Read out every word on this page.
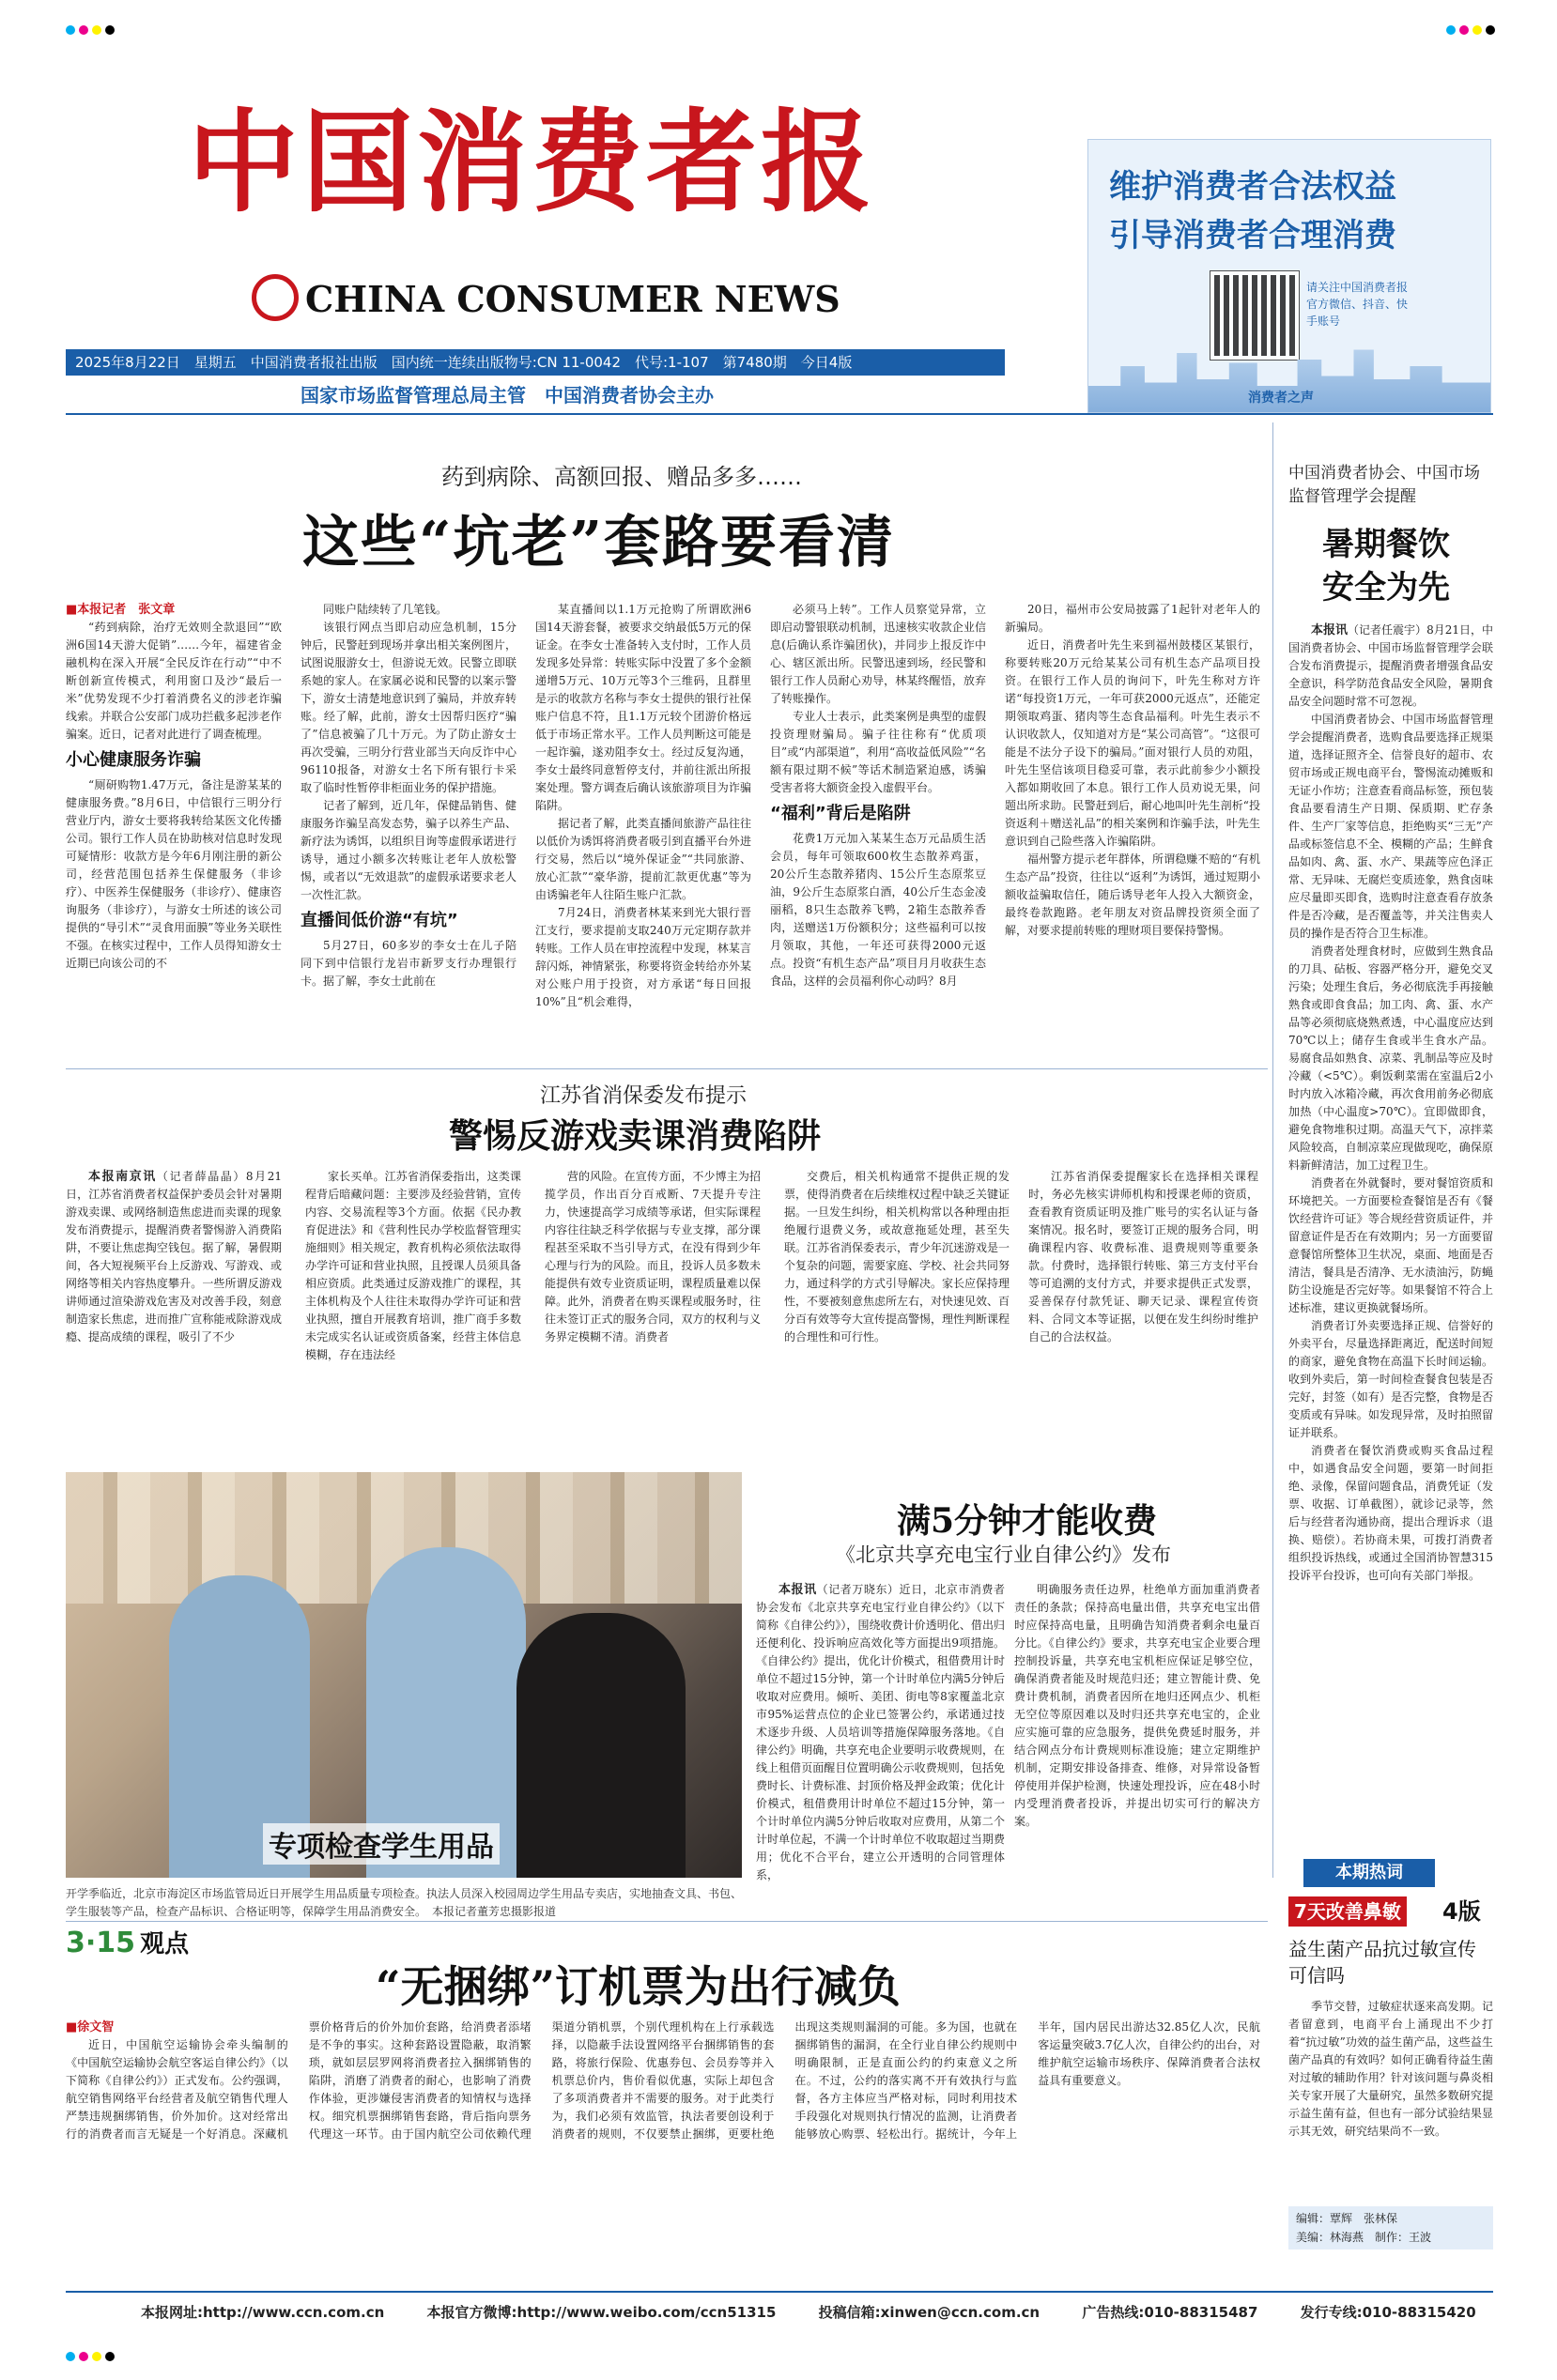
中国消费者报
CHINA CONSUMER NEWS
2025年8月22日　星期五　中国消费者报社出版　国内统一连续出版物号:CN 11-0042　代号:1-107　第7480期　今日4版
国家市场监督管理总局主管　中国消费者协会主办
维护消费者合法权益
引导消费者合理消费
请关注中国消费者报官方微信、抖音、快手账号
消费者之声
药到病除、高额回报、赠品多多……
这些“坑老”套路要看清
■本报记者　张文章

“药到病除，治疗无效则全款退回”“欧洲6国14天游大促销”……今年，福建省金融机构在深入开展“全民反诈在行动”“中不断创新宣传模式，利用窗口及沙“最后一米”优势发现不少打着消费名义的涉老诈骗线索。并联合公安部门成功拦截多起涉老作骗案。近日，记者对此进行了调查梳理。

小心健康服务诈骗

“厕研购物1.47万元，备注是游某某的健康服务费。”8月6日，中信银行三明分行营业厅内，游女士要将我转给某医文化传播公司。银行工作人员在协助核对信息时发现可疑情形：收款方是今年6月刚注册的新公司，经营范围包括养生保健服务（非诊疗）、中医养生保健服务（非诊疗）、健康咨询服务（非诊疗），与游女士所述的该公司提供的“导引术”“灵食用面膜”等业务关联性不强。在核实过程中，工作人员得知游女士近期已向该公司的不

同账户陆续转了几笔钱。

该银行网点当即启动应急机制，15分钟后，民警赶到现场并拿出相关案例图片，试图说服游女士，但游说无效。民警立即联系她的家人。在家属必说和民警的以案示警下，游女士清楚地意识到了骗局，并放弃转账。经了解，此前，游女士因帮归医疗“骗了”信息被骗了几十万元。为了防止游女士再次受骗，三明分行营业部当天向反诈中心96110报备，对游女士名下所有银行卡采取了临时性暂停非柜面业务的保护措施。

记者了解到，近几年，保健品销售、健康服务诈骗呈高发态势，骗子以养生产品、新疗法为诱饵，以组织目询等虚假承诺进行诱导，通过小额多次转账让老年人放松警惕，或者以“无效退款”的虚假承诺要求老人一次性汇款。

直播间低价游“有坑”

5月27日，60多岁的李女士在儿子陪同下到中信银行龙岩市新罗支行办理银行卡。据了解，李女士此前在

某直播间以1.1万元抢购了所谓欧洲6国14天游套餐，被要求交纳最低5万元的保证金。在李女士准备转入支付时，工作人员发现多处异常：转账实际中没置了多个金额递增5万元、10万元等3个三维码，且群里是示的收款方名称与李女士提供的银行社保账户信息不符，且1.1万元较个团游价格远低于市场正常水平。工作人员判断这可能是一起诈骗，遂劝阻李女士。经过反复沟通，李女士最终同意暂停支付，并前往派出所报案处理。警方调查后确认该旅游项目为诈骗陷阱。

据记者了解，此类直播间旅游产品往往以低价为诱饵将消费者吸引到直播平台外进行交易，然后以“境外保证金”“共同旅游、放心汇款”“豪华游，提前汇款更优惠”等为由诱骗老年人往陌生账户汇款。

7月24日，消费者林某来到光大银行晋江支行，要求提前支取240万元定期存款并转账。工作人员在审控流程中发现，林某言辞闪烁，神情紧张，称要将资金转给亦外某对公账户用于投资，对方承诺“每日回报10%”且“机会难得，

必须马上转”。工作人员察觉异常，立即启动警银联动机制，迅速核实收款企业信息(后确认系诈骗团伙)，并同步上报反诈中心、辖区派出所。民警迅速到场，经民警和银行工作人员耐心劝导，林某终醒悟，放弃了转账操作。

专业人士表示，此类案例是典型的虚假投资理财骗局。骗子往往称有“优质项目”或“内部渠道”，利用“高收益低风险”“名额有限过期不候”等话术制造紧迫感，诱骗受害者将大额资金投入虚假平台。

“福利”背后是陷阱

花费1万元加入某某生态万元品质生活会员，每年可领取600枚生态散养鸡蛋，20公斤生态散养猪肉、15公斤生态原浆豆油，9公斤生态原浆白酒，40公斤生态金凌丽稻，8只生态散养飞鸭，2箱生态散养香肉，送赠送1万份额积分；这些福利可以按月领取，其他，一年还可获得2000元返点。投资“有机生态产品”项目月月收获生态食品，这样的会员福利你心动吗？8月

20日，福州市公安局披露了1起针对老年人的新骗局。

近日，消费者叶先生来到福州鼓楼区某银行，称要转账20万元给某某公司有机生态产品项目投资。在银行工作人员的询问下，叶先生称对方许诺“每投资1万元，一年可获2000元返点”，还能定期领取鸡蛋、猪肉等生态食品福利。叶先生表示不认识收款人，仅知道对方是“某公司高管”。“这很可能是不法分子设下的骗局。”面对银行人员的劝阻，叶先生坚信该项目稳妥可靠，表示此前参少小额投入都如期收回了本息。银行工作人员劝说无果，问题出所求助。民警赶到后，耐心地叫叶先生剖析“投资返利＋赠送礼品”的相关案例和诈骗手法，叶先生意识到自己险些落入诈骗陷阱。

福州警方提示老年群体，所谓稳赚不赔的“有机生态产品”投资，往往以“返利”为诱饵，通过短期小额收益骗取信任，随后诱导老年人投入大额资金，最终卷款跑路。老年朋友对资品牌投资须全面了解，对要求提前转账的理财项目要保持警惕。

中国消费者协会、中国市场监督管理学会提醒
暑期餐饮
安全为先

本报讯（记者任震宇）8月21日，中国消费者协会、中国市场监督管理学会联合发布消费提示，提醒消费者增强食品安全意识，科学防范食品安全风险，暑期食品安全问题时常不可忽视。

中国消费者协会、中国市场监督管理学会提醒消费者，选购食品要选择正规渠道，选择证照齐全、信誉良好的超市、农贸市场或正规电商平台，警惕流动摊贩和无证小作坊；注意查看商品标签，预包装食品要看清生产日期、保质期、贮存条件、生产厂家等信息，拒绝购买“三无”产品或标签信息不全、模糊的产品；生鲜食品如肉、禽、蛋、水产、果蔬等应色泽正常、无异味、无腐烂变质迹象，熟食卤味应尽量即买即食，选购时注意查看存放条件是否冷藏，是否覆盖等，并关注售卖人员的操作是否符合卫生标准。

消费者处理食材时，应做到生熟食品的刀具、砧板、容器严格分开，避免交叉污染；处理生食后，务必彻底洗手再接触熟食或即食食品；加工肉、禽、蛋、水产品等必须彻底烧熟煮透，中心温度应达到70℃以上；储存生食或半生食水产品。易腐食品如熟食、凉菜、乳制品等应及时冷藏（<5℃）。剩饭剩菜需在室温后2小时内放入冰箱冷藏，再次食用前务必彻底加热（中心温度>70℃）。宜即做即食，避免食物堆积过期。高温天气下，凉拌菜风险较高，自制凉菜应现做现吃，确保原料新鲜清洁，加工过程卫生。

消费者在外就餐时，要对餐馆资质和环境把关。一方面要检查餐馆是否有《餐饮经营许可证》等合规经营资质证件，并留意证件是否在有效期内；另一方面要留意餐馆所整体卫生状况，桌面、地面是否清洁，餐具是否清净、无水渍油污，防蝇防尘设施是否完好等。如果餐馆不符合上述标准，建议更换就餐场所。

消费者订外卖要选择正规、信誉好的外卖平台，尽量选择距离近，配送时间短的商家，避免食物在高温下长时间运输。收到外卖后，第一时间检查餐食包装是否完好，封签（如有）是否完整，食物是否变质或有异味。如发现异常，及时拍照留证并联系。

消费者在餐饮消费或购买食品过程中，如遇食品安全问题，要第一时间拒绝、录像，保留问题食品，消费凭证（发票、收据、订单截图），就诊记录等，然后与经营者沟通协商，提出合理诉求（退换、赔偿）。若协商未果，可拨打消费者组织投诉热线，或通过全国消协智慧315投诉平台投诉，也可向有关部门举报。

本期热词
7天改善鼻敏 4版
益生菌产品抗过敏宣传可信吗

季节交替，过敏症状逐来高发期。记者留意到，电商平台上涌现出不少打着“抗过敏”功效的益生菌产品，这些益生菌产品真的有效吗？如何正确看待益生菌对过敏的辅助作用？针对该问题与鼻炎相关专家开展了大量研究，虽然多数研究提示益生菌有益，但也有一部分试验结果显示其无效，研究结果尚不一致。

编辑：覃辉　张林保
美编：林海燕　制作：王波
江苏省消保委发布提示
警惕反游戏卖课消费陷阱

本报南京讯（记者薛晶晶）8月21日，江苏省消费者权益保护委员会针对暑期游戏卖课、或网络制造焦虑进而卖课的现象发布消费提示，提醒消费者警惕游入消费陷阱，不要让焦虑掏空钱包。据了解，暑假期间，各大短视频平台上反游戏、写游戏、或网络等相关内容热度攀升。一些所谓反游戏讲师通过渲染游戏危害及对改善手段，刻意制造家长焦虑，进而推广宣称能戒除游戏成瘾、提高成绩的课程，吸引了不少

家长买单。江苏省消保委指出，这类课程背后暗藏问题：主要涉及经验营销，宣传内容、交易流程等3个方面。依据《民办教育促进法》和《营利性民办学校监督管理实施细则》相关规定，教育机构必须依法取得办学许可证和营业执照，且授课人员须具备相应资质。此类通过反游戏推广的课程，其主体机构及个人往往未取得办学许可证和营业执照，擅自开展教育培训，推广商手多数未完成实名认证或资质备案，经营主体信息模糊，存在违法经

营的风险。在宣传方面，不少博主为招揽学员，作出百分百戒断、7天提升专注力，快速提高学习成绩等承诺，但实际课程内容往往缺乏科学依据与专业支撑，部分课程甚至采取不当引导方式，在没有得到少年心理与行为的风险。而且，投诉人员多数未能提供有效专业资质证明，课程质量难以保障。此外，消费者在购买课程或服务时，往往未签订正式的服务合同，双方的权利与义务界定模糊不清。消费者

交费后，相关机构通常不提供正规的发票，使得消费者在后续维权过程中缺乏关键证据。一旦发生纠纷，相关机构常以各种理由拒绝履行退费义务，或故意拖延处理，甚至失联。江苏省消保委表示，青少年沉迷游戏是一个复杂的问题，需要家庭、学校、社会共同努力，通过科学的方式引导解决。家长应保持理性，不要被刻意焦虑所左右，对快速见效、百分百有效等夸大宣传提高警惕，理性判断课程的合理性和可行性。

江苏省消保委提醒家长在选择相关课程时，务必先核实讲师机构和授课老师的资质，查看教育资质证明及推广账号的实名认证与备案情况。报名时，要签订正规的服务合同，明确课程内容、收费标准、退费规则等重要条款。付费时，选择银行转账、第三方支付平台等可追溯的支付方式，并要求提供正式发票，妥善保存付款凭证、聊天记录、课程宣传资料、合同文本等证据，以便在发生纠纷时维护自己的合法权益。

专项检查学生用品
开学季临近，北京市海淀区市场监管局近日开展学生用品质量专项检查。执法人员深入校园周边学生用品专卖店，实地抽查文具、书包、学生服装等产品，检查产品标识、合格证明等，保障学生用品消费安全。　本报记者董芳忠摄影报道
满5分钟才能收费
《北京共享充电宝行业自律公约》发布

本报讯（记者万晓东）近日，北京市消费者协会发布《北京共享充电宝行业自律公约》（以下简称《自律公约》），围绕收费计价透明化、借出归还便利化、投诉响应高效化等方面提出9项措施。《自律公约》提出，优化计价模式，租借费用计时单位不超过15分钟，第一个计时单位内满5分钟后收取对应费用。倾听、美团、街电等8家覆盖北京市95%运营点位的企业已签署公约，承诺通过技术逐步升级、人员培训等措施保障服务落地。《自律公约》明确，共享充电企业要明示收费规则，在线上租借页面醒目位置明确公示收费规则，包括免费时长、计费标准、封顶价格及押金政策；优化计价模式，租借费用计时单位不超过15分钟，第一个计时单位内满5分钟后收取对应费用，从第二个计时单位起，不满一个计时单位不收取超过当期费用；优化不合平台，建立公开透明的合同管理体系，

明确服务责任边界，杜绝单方面加重消费者责任的条款；保持高电量出借，共享充电宝出借时应保持高电量，且明确告知消费者剩余电量百分比。《自律公约》要求，共享充电宝企业要合理控制投诉量，共享充电宝机柜应保证足够空位，确保消费者能及时规范归还；建立智能计费、免费计费机制，消费者因所在地归还网点少、机柜无空位等原因难以及时归还共享充电宝的，企业应实施可靠的应急服务，提供免费延时服务，并结合网点分布计费规则标准设施；建立定期维护机制，定期安排设备排查、维修，对异常设备暂停使用并保护检测，快速处理投诉，应在48小时内受理消费者投诉，并提出切实可行的解决方案。

3·15 观点
“无捆绑”订机票为出行减负
■徐文智

近日，中国航空运输协会牵头编制的《中国航空运输协会航空客运自律公约》（以下简称《自律公约》）正式发布。公约强调，航空销售网络平台经营者及航空销售代理人严禁违规捆绑销售，价外加价。这对经常出行的消费者而言无疑是一个好消息。深藏机票价格背后的价外加价套路，给消费者添堵是不争的事实。这种套路设置隐蔽，取消繁琐，就如层层罗网将消费者拉入捆绑销售的陷阱，消磨了消费者的耐心，也影响了消费作体验，更涉嫌侵害消费者的知情权与选择权。细究机票捆绑销售套路，背后指向票务代理这一环节。由于国内航空公司依赖代理渠道分销机票，个别代理机构在上行承载选择，以隐蔽手法设置网络平台捆绑销售的套路，将旅行保险、优惠券包、会员券等并入机票总价内，售价看似优惠，实际上却包含了多项消费者并不需要的服务。对于此类行为，我们必须有效监管，执法者要创设利于消费者的规则，不仅要禁止捆绑，更要杜绝出现这类规则漏洞的可能。多为国，也就在捆绑销售的漏洞，在全行业自律公约规则中明确限制，正是直面公约的约束意义之所在。不过，公约的落实离不开有效执行与监督，各方主体应当严格对标，同时利用技术手段强化对规则执行情况的监测，让消费者能够放心购票、轻松出行。据统计，今年上半年，国内居民出游达32.85亿人次，民航客运量突破3.7亿人次，自律公约的出台，对维护航空运输市场秩序、保障消费者合法权益具有重要意义。

本报网址:http://www.ccn.com.cn	本报官方微博:http://www.weibo.com/ccn51315	投稿信箱:xinwen@ccn.com.cn	广告热线:010-88315487	发行专线:010-88315420
